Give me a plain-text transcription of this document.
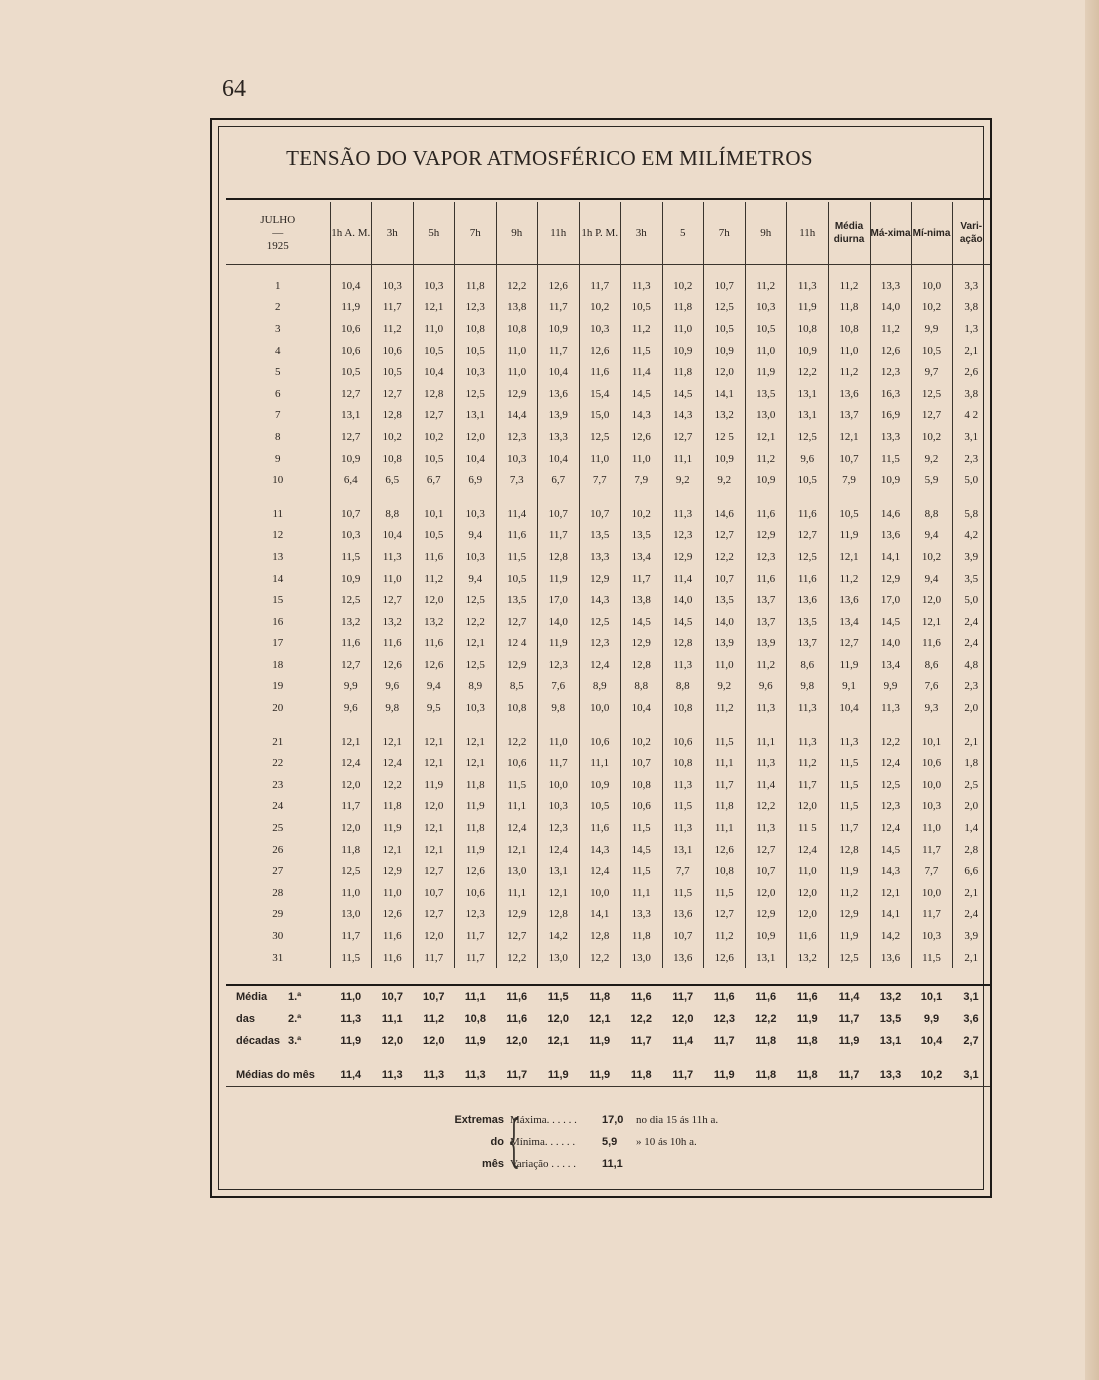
64
TENSÃO DO VAPOR ATMOSFÉRICO EM MILÍMETROS
JULHO
—
1925	1h A. M.	3h	5h	7h	9h	11h	1h P. M.	3h	5	7h	9h	11h	Média diurna	Má-xima	Mí-nima	Vari-ação

1	10,4	10,3	10,3	11,8	12,2	12,6	11,7	11,3	10,2	10,7	11,2	11,3	11,2	13,3	10,0	3,3
2	11,9	11,7	12,1	12,3	13,8	11,7	10,2	10,5	11,8	12,5	10,3	11,9	11,8	14,0	10,2	3,8
3	10,6	11,2	11,0	10,8	10,8	10,9	10,3	11,2	11,0	10,5	10,5	10,8	10,8	11,2	9,9	1,3
4	10,6	10,6	10,5	10,5	11,0	11,7	12,6	11,5	10,9	10,9	11,0	10,9	11,0	12,6	10,5	2,1
5	10,5	10,5	10,4	10,3	11,0	10,4	11,6	11,4	11,8	12,0	11,9	12,2	11,2	12,3	9,7	2,6
6	12,7	12,7	12,8	12,5	12,9	13,6	15,4	14,5	14,5	14,1	13,5	13,1	13,6	16,3	12,5	3,8
7	13,1	12,8	12,7	13,1	14,4	13,9	15,0	14,3	14,3	13,2	13,0	13,1	13,7	16,9	12,7	4 2
8	12,7	10,2	10,2	12,0	12,3	13,3	12,5	12,6	12,7	12 5	12,1	12,5	12,1	13,3	10,2	3,1
9	10,9	10,8	10,5	10,4	10,3	10,4	11,0	11,0	11,1	10,9	11,2	9,6	10,7	11,5	9,2	2,3
10	6,4	6,5	6,7	6,9	7,3	6,7	7,7	7,9	9,2	9,2	10,9	10,5	7,9	10,9	5,9	5,0

11	10,7	8,8	10,1	10,3	11,4	10,7	10,7	10,2	11,3	14,6	11,6	11,6	10,5	14,6	8,8	5,8
12	10,3	10,4	10,5	9,4	11,6	11,7	13,5	13,5	12,3	12,7	12,9	12,7	11,9	13,6	9,4	4,2
13	11,5	11,3	11,6	10,3	11,5	12,8	13,3	13,4	12,9	12,2	12,3	12,5	12,1	14,1	10,2	3,9
14	10,9	11,0	11,2	9,4	10,5	11,9	12,9	11,7	11,4	10,7	11,6	11,6	11,2	12,9	9,4	3,5
15	12,5	12,7	12,0	12,5	13,5	17,0	14,3	13,8	14,0	13,5	13,7	13,6	13,6	17,0	12,0	5,0
16	13,2	13,2	13,2	12,2	12,7	14,0	12,5	14,5	14,5	14,0	13,7	13,5	13,4	14,5	12,1	2,4
17	11,6	11,6	11,6	12,1	12 4	11,9	12,3	12,9	12,8	13,9	13,9	13,7	12,7	14,0	11,6	2,4
18	12,7	12,6	12,6	12,5	12,9	12,3	12,4	12,8	11,3	11,0	11,2	8,6	11,9	13,4	8,6	4,8
19	9,9	9,6	9,4	8,9	8,5	7,6	8,9	8,8	8,8	9,2	9,6	9,8	9,1	9,9	7,6	2,3
20	9,6	9,8	9,5	10,3	10,8	9,8	10,0	10,4	10,8	11,2	11,3	11,3	10,4	11,3	9,3	2,0

21	12,1	12,1	12,1	12,1	12,2	11,0	10,6	10,2	10,6	11,5	11,1	11,3	11,3	12,2	10,1	2,1
22	12,4	12,4	12,1	12,1	10,6	11,7	11,1	10,7	10,8	11,1	11,3	11,2	11,5	12,4	10,6	1,8
23	12,0	12,2	11,9	11,8	11,5	10,0	10,9	10,8	11,3	11,7	11,4	11,7	11,5	12,5	10,0	2,5
24	11,7	11,8	12,0	11,9	11,1	10,3	10,5	10,6	11,5	11,8	12,2	12,0	11,5	12,3	10,3	2,0
25	12,0	11,9	12,1	11,8	12,4	12,3	11,6	11,5	11,3	11,1	11,3	11 5	11,7	12,4	11,0	1,4
26	11,8	12,1	12,1	11,9	12,1	12,4	14,3	14,5	13,1	12,6	12,7	12,4	12,8	14,5	11,7	2,8
27	12,5	12,9	12,7	12,6	13,0	13,1	12,4	11,5	7,7	10,8	10,7	11,0	11,9	14,3	7,7	6,6
28	11,0	11,0	10,7	10,6	11,1	12,1	10,0	11,1	11,5	11,5	12,0	12,0	11,2	12,1	10,0	2,1
29	13,0	12,6	12,7	12,3	12,9	12,8	14,1	13,3	13,6	12,7	12,9	12,0	12,9	14,1	11,7	2,4
30	11,7	11,6	12,0	11,7	12,7	14,2	12,8	11,8	10,7	11,2	10,9	11,6	11,9	14,2	10,3	3,9
31	11,5	11,6	11,7	11,7	12,2	13,0	12,2	13,0	13,6	12,6	13,1	13,2	12,5	13,6	11,5	2,1
Média 1.ª	11,0	10,7	10,7	11,1	11,6	11,5	11,8	11,6	11,7	11,6	11,6	11,6	11,4	13,2	10,1	3,1
das 2.ª	11,3	11,1	11,2	10,8	11,6	12,0	12,1	12,2	12,0	12,3	12,2	11,9	11,7	13,5	9,9	3,6
décadas 3.ª	11,9	12,0	12,0	11,9	12,0	12,1	11,9	11,7	11,4	11,7	11,8	11,8	11,9	13,1	10,4	2,7

Médias do mês	11,4	11,3	11,3	11,3	11,7	11,9	11,9	11,8	11,7	11,9	11,8	11,8	11,7	13,3	10,2	3,1
Extremas
do
mês {
Máxima. . . . . . 17,0 no dia 15 ás 11h a.
Mínima. . . . . . 5,9 » 10 ás 10h a.
Variação . . . . . 11,1
